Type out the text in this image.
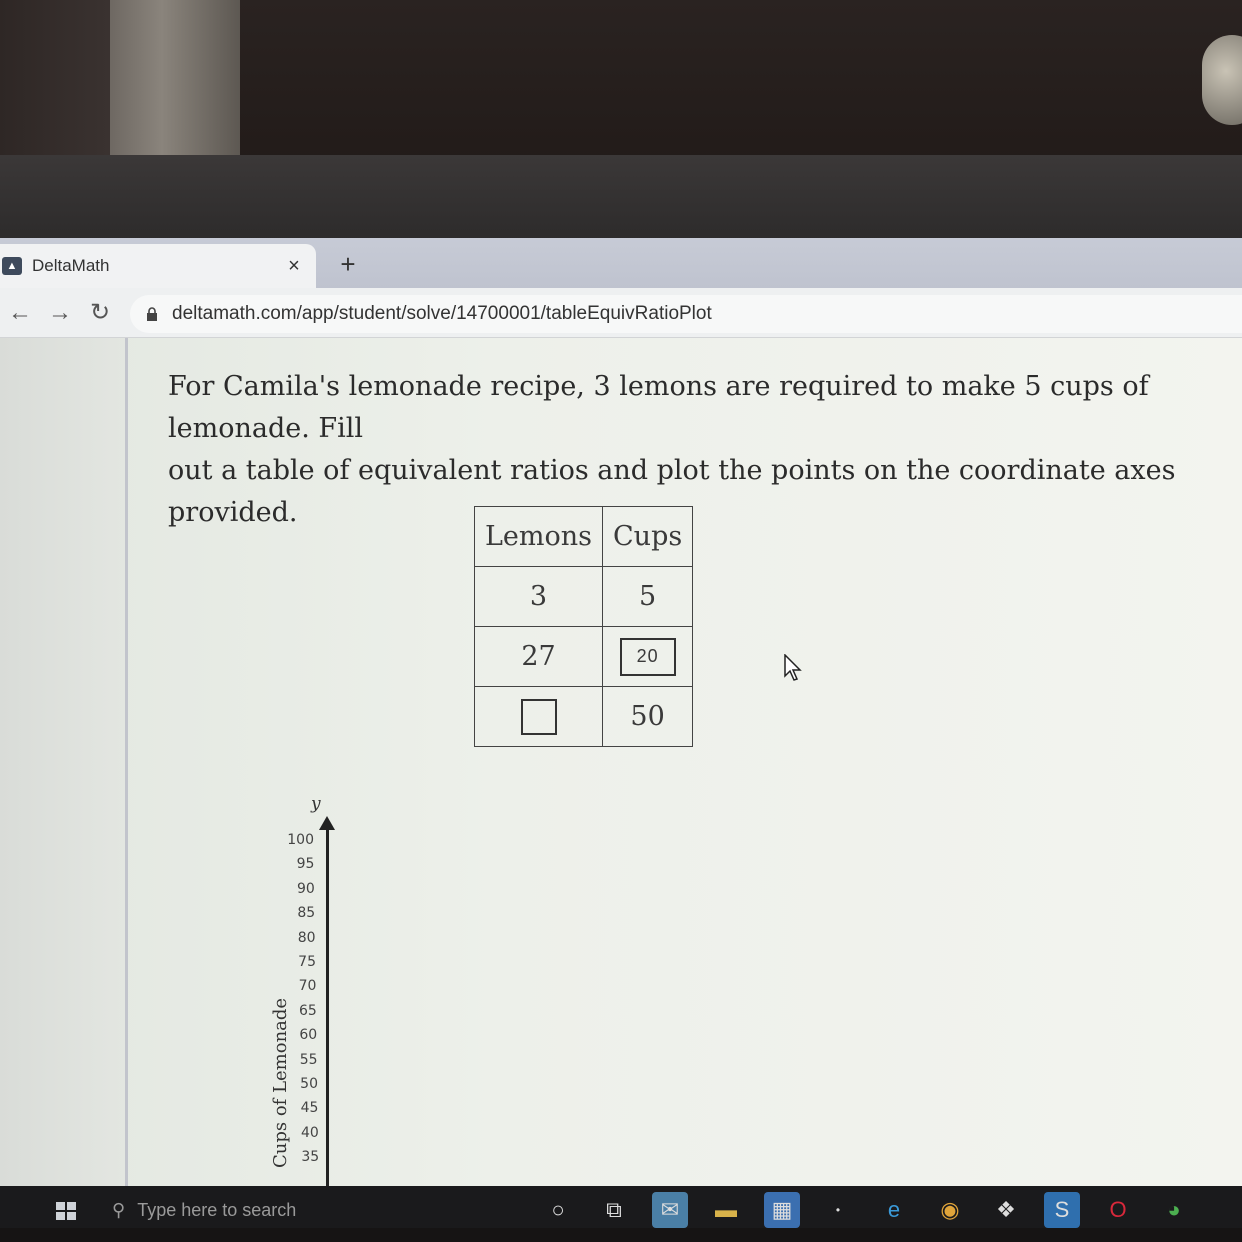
▲ DeltaMath	×	+
← → ↻	deltamath.com/app/student/solve/14700001/tableEquivRatioPlot
For Camila's lemonade recipe, 3 lemons are required to make 5 cups of lemonade. Fill
out a table of equivalent ratios and plot the points on the coordinate axes provided.
Lemons	Cups
3	5
27	20
	50
y
100
95
90
85
80
75
70
65
60
55
50
45
40
35
Cups of Lemonade
⚲ Type here to search	○	⧉	✉	▬	▦	•	e	◉	❖	S	O	◕
